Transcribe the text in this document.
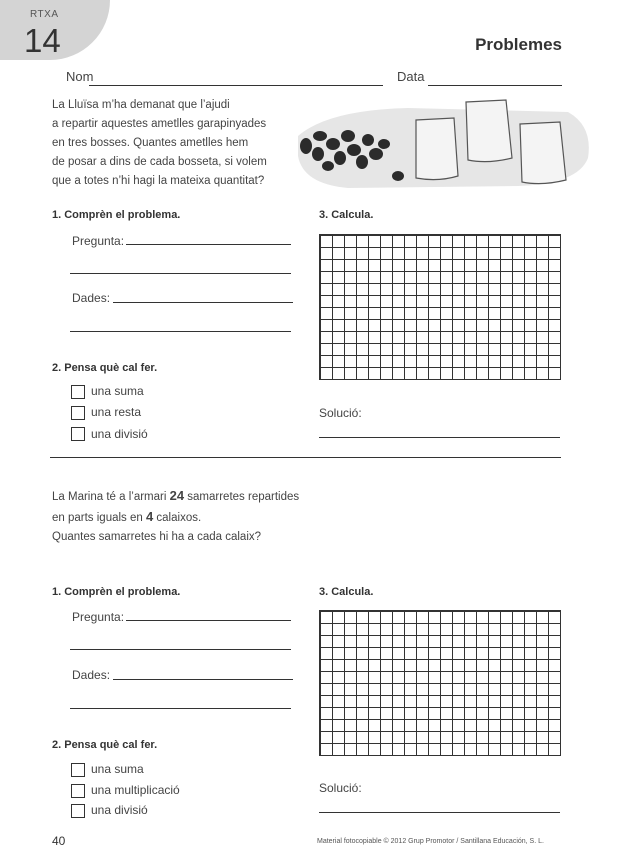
RTXA
14	Problemes
Nom	Data
La Lluïsa m’ha demanat que l’ajudi
a repartir aquestes ametlles garapinyades
en tres bosses. Quantes ametlles hem
de posar a dins de cada bosseta, si volem
que a totes n’hi hagi la mateixa quantitat?
1. Comprèn el problema.
Pregunta:
Dades:
2. Pensa què cal fer.
una suma
una resta
una divisió
3. Calcula.
Solució:
La Marina té a l’armari 24 samarretes repartides
en parts iguals en 4 calaixos.
Quantes samarretes hi ha a cada calaix?
1. Comprèn el problema.
Pregunta:
Dades:
2. Pensa què cal fer.
una suma
una multiplicació
una divisió
3. Calcula.
Solució:
40	Material fotocopiable © 2012 Grup Promotor / Santillana Educación, S. L.
